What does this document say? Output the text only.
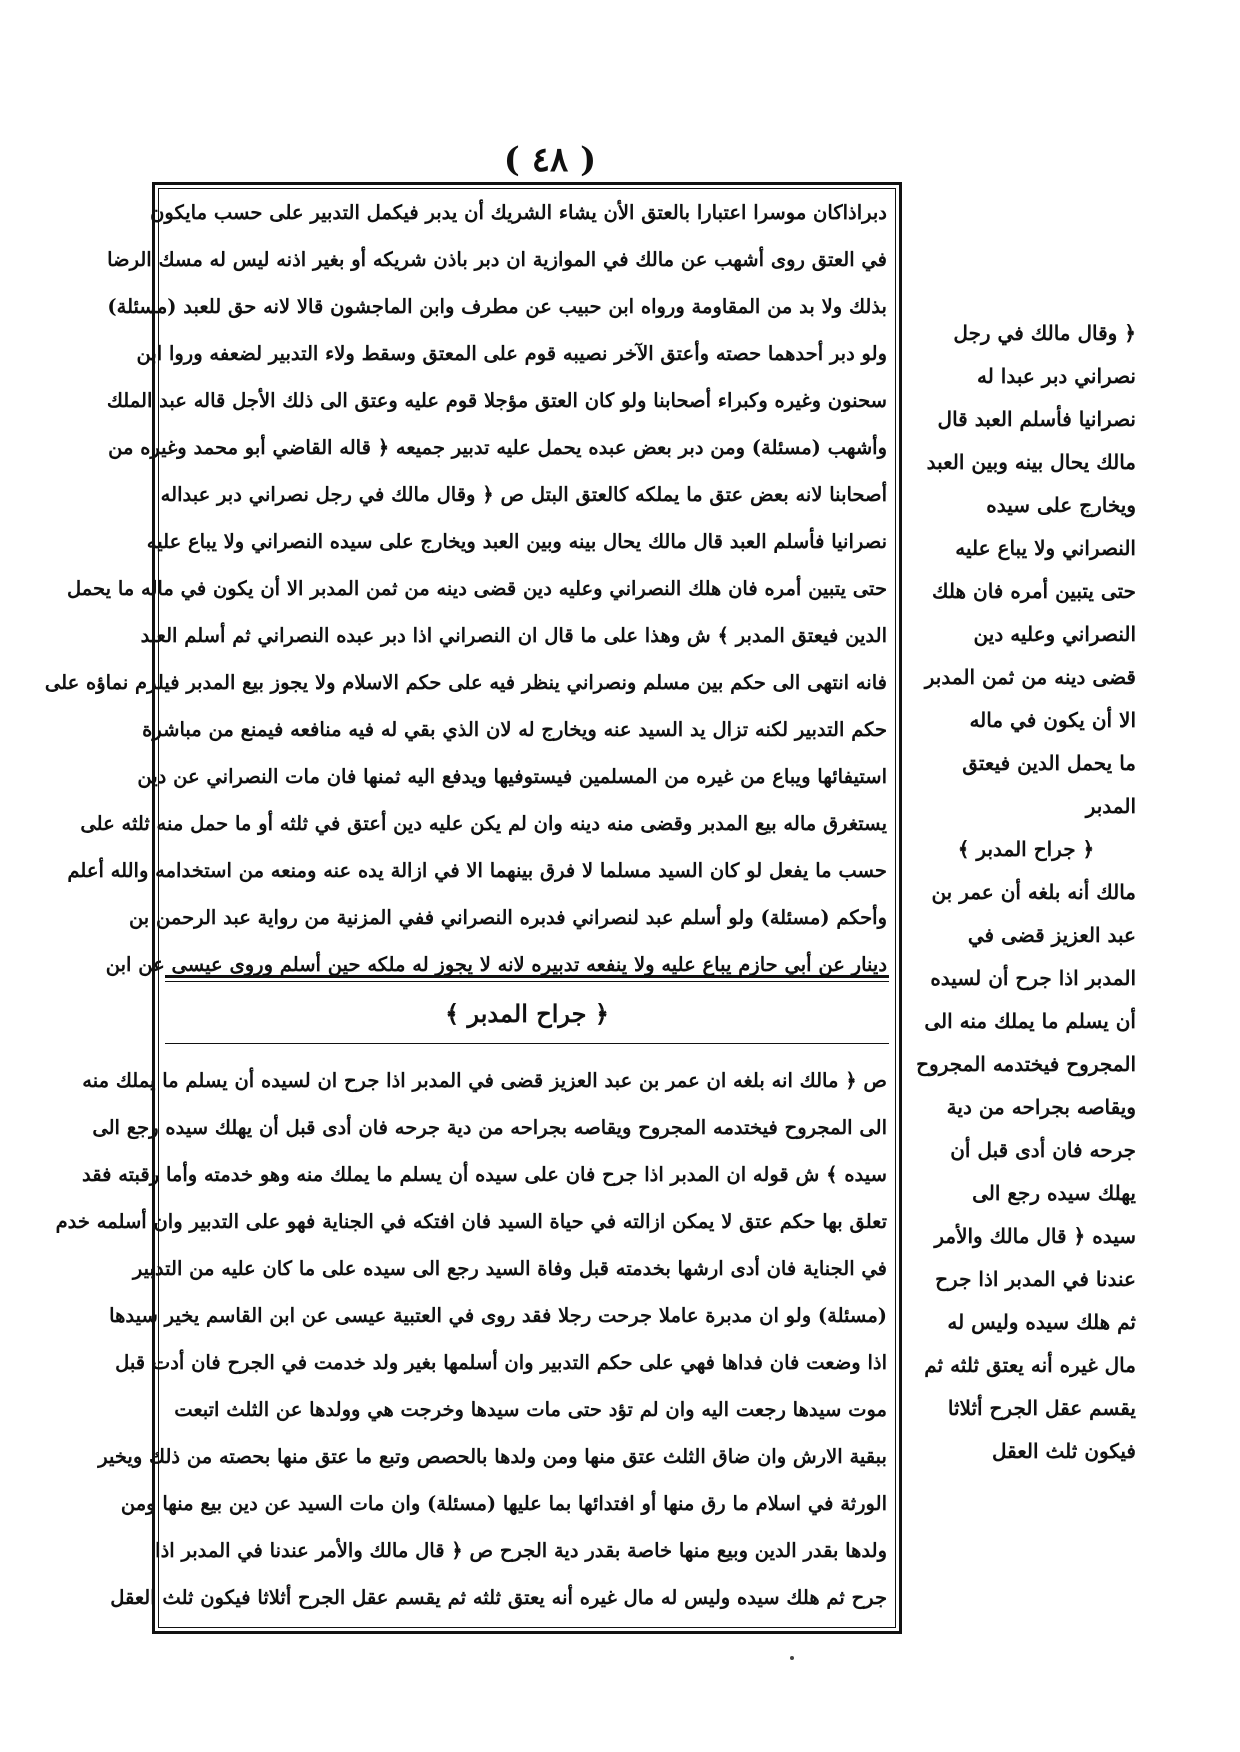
( ٤٨ )
دبراذاكان موسرا اعتبارا بالعتق الأن يشاء الشريك أن يدبر فيكمل التدبير على حسب مايكون
في العتق روى أشهب عن مالك في الموازية ان دبر باذن شريكه أو بغير اذنه ليس له مسك الرضا
بذلك ولا بد من المقاومة ورواه ابن حبيب عن مطرف وابن الماجشون قالا لانه حق للعبد (مسئلة)
ولو دبر أحدهما حصته وأعتق الآخر نصيبه قوم على المعتق وسقط ولاء التدبير لضعفه وروا ابن
سحنون وغيره وكبراء أصحابنا ولو كان العتق مؤجلا قوم عليه وعتق الى ذلك الأجل قاله عبد الملك
وأشهب (مسئلة) ومن دبر بعض عبده يحمل عليه تدبير جميعه ﴿ قاله القاضي أبو محمد وغيره من
أصحابنا لانه بعض عتق ما يملكه كالعتق البتل ص ﴿ وقال مالك في رجل نصراني دبر عبداله
نصرانيا فأسلم العبد قال مالك يحال بينه وبين العبد ويخارج على سيده النصراني ولا يباع عليه
حتى يتبين أمره فان هلك النصراني وعليه دين قضى دينه من ثمن المدبر الا أن يكون في ماله ما يحمل
الدين فيعتق المدبر ﴾ ش وهذا على ما قال ان النصراني اذا دبر عبده النصراني ثم أسلم العبد
فانه انتهى الى حكم بين مسلم ونصراني ينظر فيه على حكم الاسلام ولا يجوز بيع المدبر فيلزم نماؤه على
حكم التدبير لكنه تزال يد السيد عنه ويخارج له لان الذي بقي له فيه منافعه فيمنع من مباشرة
استيفائها ويباع من غيره من المسلمين فيستوفيها ويدفع اليه ثمنها فان مات النصراني عن دين
يستغرق ماله بيع المدبر وقضى منه دينه وان لم يكن عليه دين أعتق في ثلثه أو ما حمل منه ثلثه على
حسب ما يفعل لو كان السيد مسلما لا فرق بينهما الا في ازالة يده عنه ومنعه من استخدامه والله أعلم
وأحكم (مسئلة) ولو أسلم عبد لنصراني فدبره النصراني ففي المزنية من رواية عبد الرحمن بن
دينار عن أبي حازم يباع عليه ولا ينفعه تدبيره لانه لا يجوز له ملكه حين أسلم وروى عيسى عن ابن
﴿ جراح المدبر ﴾
ص ﴿ مالك انه بلغه ان عمر بن عبد العزيز قضى في المدبر اذا جرح ان لسيده أن يسلم ما يملك منه
الى المجروح فيختدمه المجروح ويقاصه بجراحه من دية جرحه فان أدى قبل أن يهلك سيده رجع الى
سيده ﴾ ش قوله ان المدبر اذا جرح فان على سيده أن يسلم ما يملك منه وهو خدمته وأما رقبته فقد
تعلق بها حكم عتق لا يمكن ازالته في حياة السيد فان افتكه في الجناية فهو على التدبير وان أسلمه خدم
في الجناية فان أدى ارشها بخدمته قبل وفاة السيد رجع الى سيده على ما كان عليه من التدبير
(مسئلة) ولو ان مدبرة عاملا جرحت رجلا فقد روى في العتبية عيسى عن ابن القاسم يخير سيدها
اذا وضعت فان فداها فهي على حكم التدبير وان أسلمها بغير ولد خدمت في الجرح فان أدت قبل
موت سيدها رجعت اليه وان لم تؤد حتى مات سيدها وخرجت هي وولدها عن الثلث اتبعت
ببقية الارش وان ضاق الثلث عتق منها ومن ولدها بالحصص وتبع ما عتق منها بحصته من ذلك ويخير
الورثة في اسلام ما رق منها أو افتدائها بما عليها (مسئلة) وان مات السيد عن دين بيع منها ومن
ولدها بقدر الدين وبيع منها خاصة بقدر دية الجرح ص ﴿ قال مالك والأمر عندنا في المدبر اذا
جرح ثم هلك سيده وليس له مال غيره أنه يعتق ثلثه ثم يقسم عقل الجرح أثلاثا فيكون ثلث العقل
﴿ وقال مالك في رجل
نصراني دبر عبدا له
نصرانيا فأسلم العبد قال
مالك يحال بينه وبين العبد
ويخارج على سيده
النصراني ولا يباع عليه
حتى يتبين أمره فان هلك
النصراني وعليه دين
قضى دينه من ثمن المدبر
الا أن يكون في ماله
ما يحمل الدين فيعتق
المدبر
﴿ جراح المدبر ﴾
مالك أنه بلغه أن عمر بن
عبد العزيز قضى في
المدبر اذا جرح أن لسيده
أن يسلم ما يملك منه الى
المجروح فيختدمه المجروح
ويقاصه بجراحه من دية
جرحه فان أدى قبل أن
يهلك سيده رجع الى
سيده ﴿ قال مالك والأمر
عندنا في المدبر اذا جرح
ثم هلك سيده وليس له
مال غيره أنه يعتق ثلثه ثم
يقسم عقل الجرح أثلاثا
فيكون ثلث العقل
